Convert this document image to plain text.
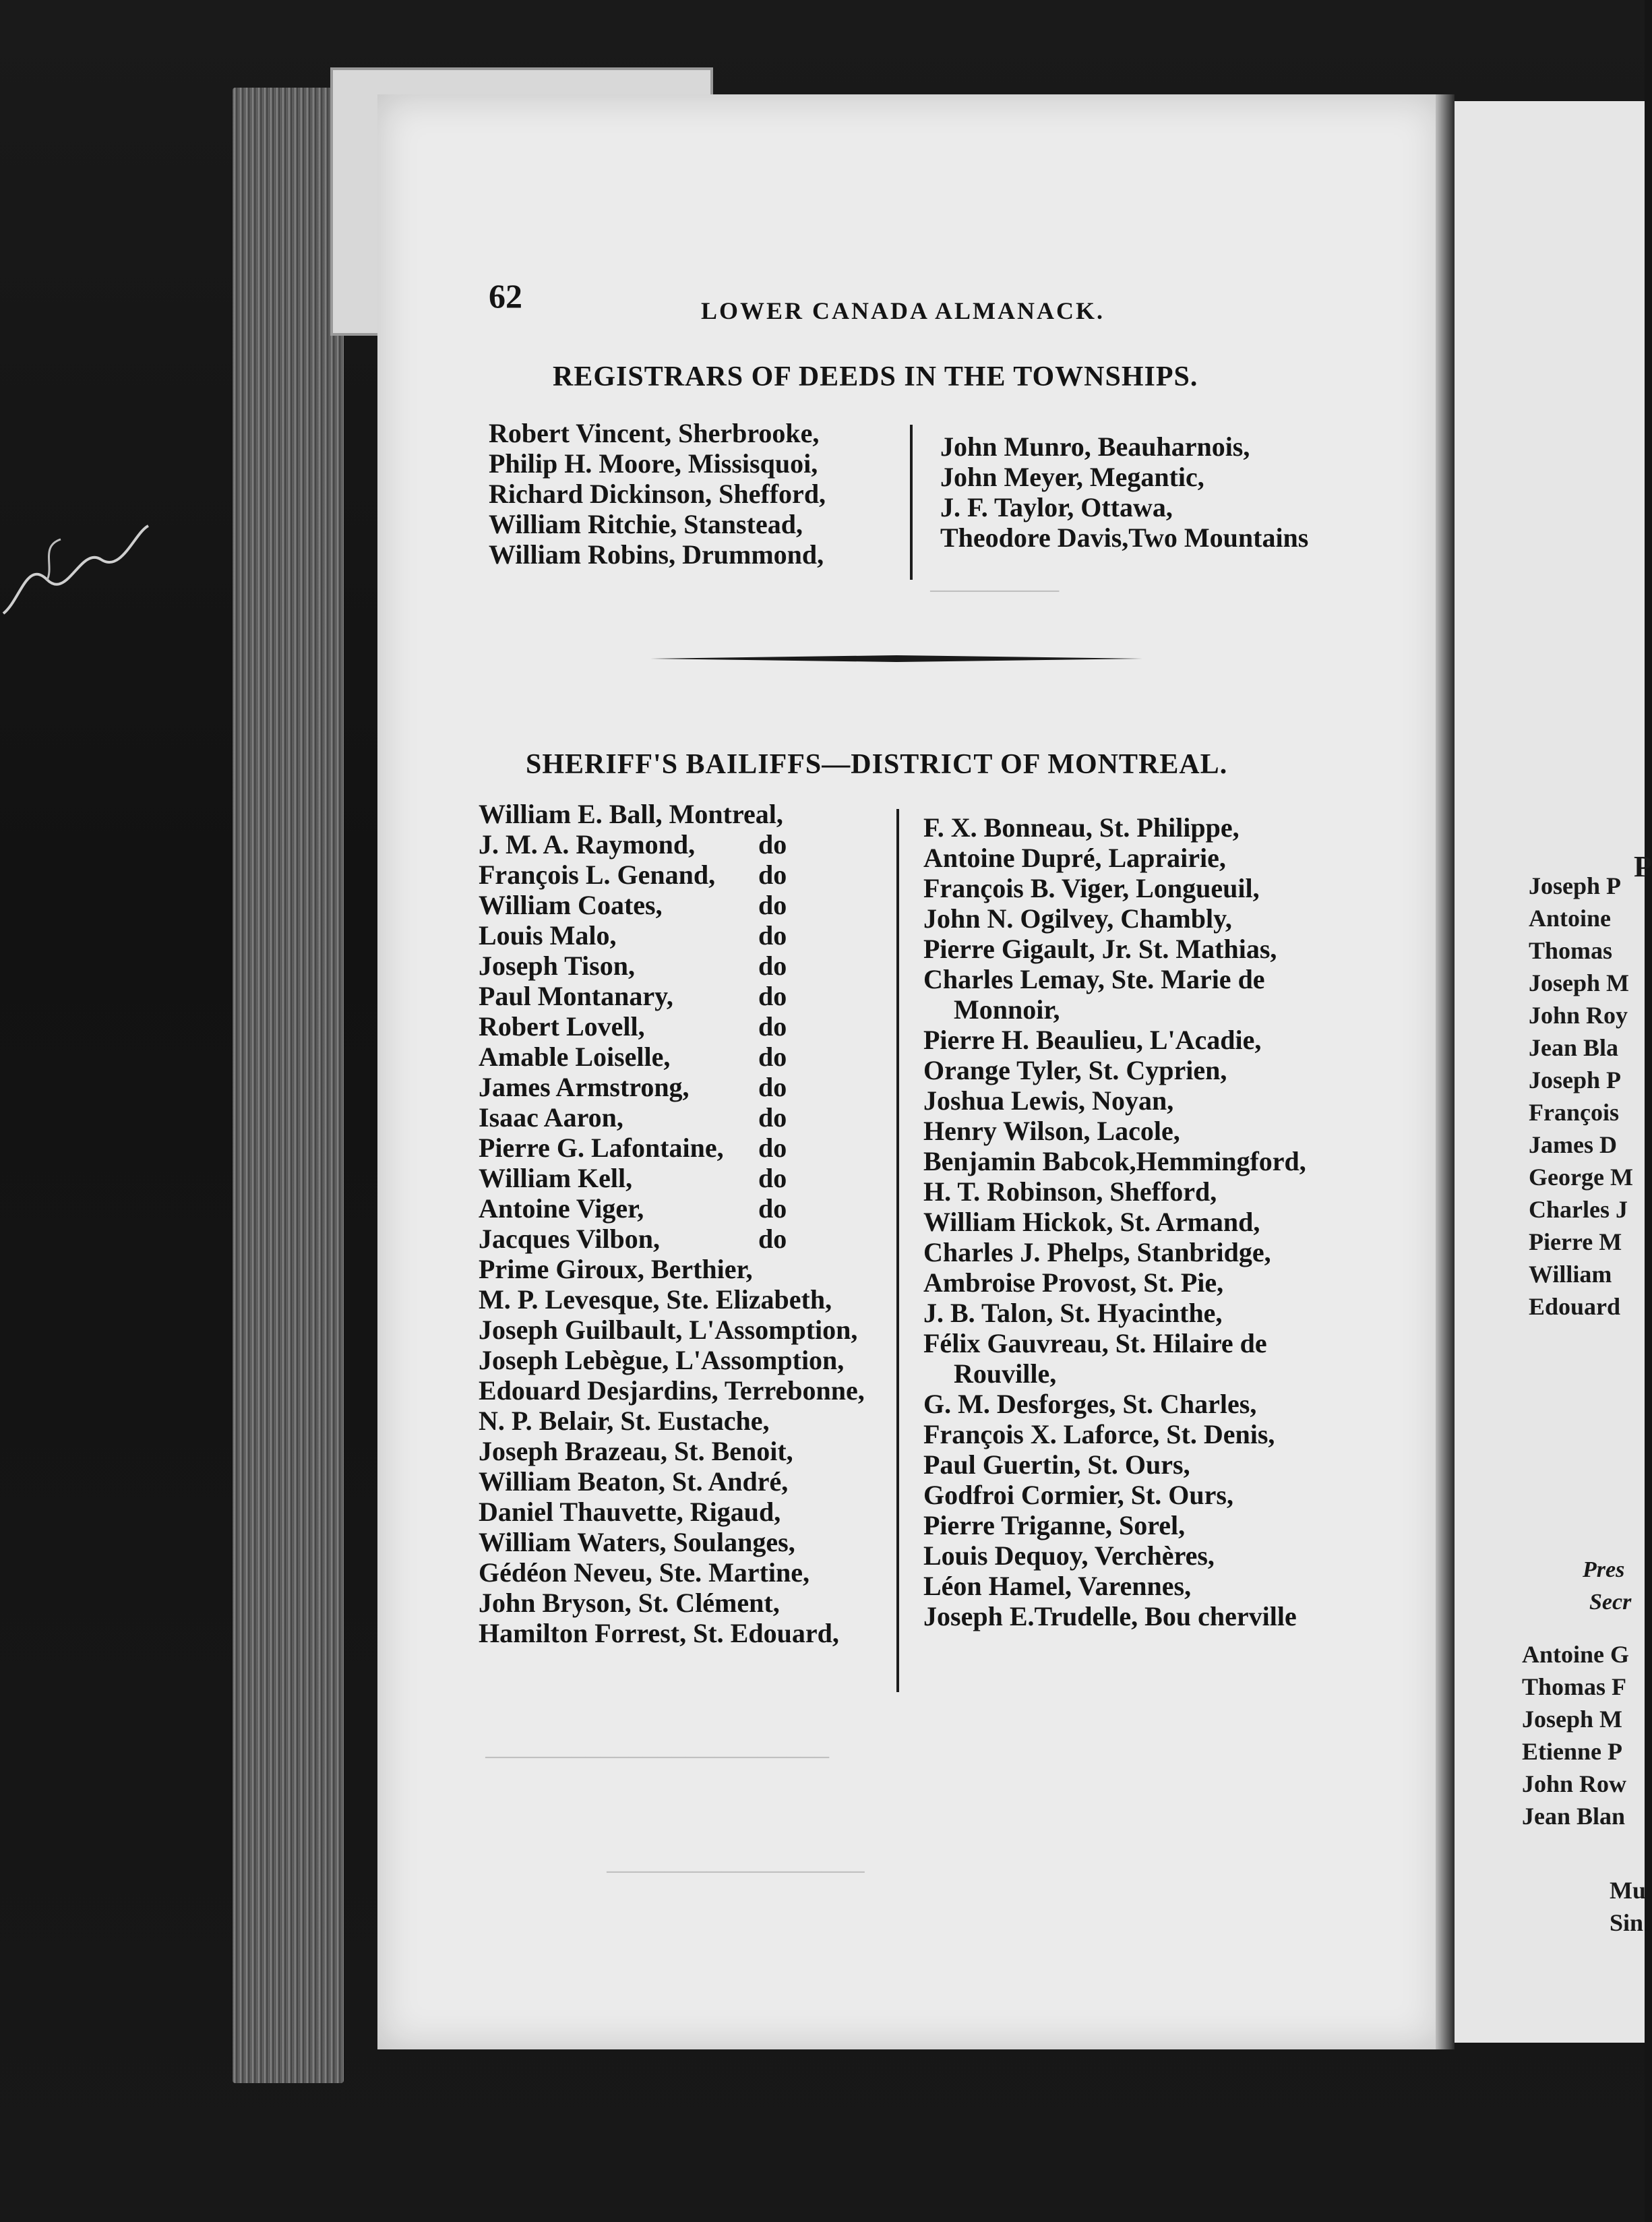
─────────
────────────────────────
──────────────────
62	LOWER CANADA ALMANACK.
REGISTRARS OF DEEDS IN THE TOWNSHIPS.
Robert Vincent, Sherbrooke,
Philip H. Moore, Missisquoi,
Richard Dickinson, Shefford,
William Ritchie, Stanstead,
William Robins, Drummond,
John Munro, Beauharnois,
John Meyer, Megantic,
J. F. Taylor, Ottawa,
Theodore Davis,Two Mountains
SHERIFF'S BAILIFFS—DISTRICT OF MONTREAL.
William E. Ball, Montreal,
J. M. A. Raymond,
François L. Genand,
William Coates,
Louis Malo,
Joseph Tison,
Paul Montanary,
Robert Lovell,
Amable Loiselle,
James Armstrong,
Isaac Aaron,
Pierre G. Lafontaine,
William Kell,
Antoine Viger,
Jacques Vilbon,
Prime Giroux, Berthier,
M. P. Levesque, Ste. Elizabeth,
Joseph Guilbault, L'Assomption,
Joseph Lebègue, L'Assomption,
Edouard Desjardins, Terrebonne,
N. P. Belair, St. Eustache,
Joseph Brazeau, St. Benoit,
William Beaton, St. André,
Daniel Thauvette, Rigaud,
William Waters, Soulanges,
Gédéon Neveu, Ste. Martine,
John Bryson, St. Clément,
Hamilton Forrest, St. Edouard,
do
do
do
do
do
do
do
do
do
do
do
do
do
do
F. X. Bonneau, St. Philippe,
Antoine Dupré, Laprairie,
François B. Viger, Longueuil,
John N. Ogilvey, Chambly,
Pierre Gigault, Jr. St. Mathias,
Charles Lemay, Ste. Marie de
Monnoir,
Pierre H. Beaulieu, L'Acadie,
Orange Tyler, St. Cyprien,
Joshua Lewis, Noyan,
Henry Wilson, Lacole,
Benjamin Babcok,Hemmingford,
H. T. Robinson, Shefford,
William Hickok, St. Armand,
Charles J. Phelps, Stanbridge,
Ambroise Provost, St. Pie,
J. B. Talon, St. Hyacinthe,
Félix Gauvreau, St. Hilaire de
Rouville,
G. M. Desforges, St. Charles,
François X. Laforce, St. Denis,
Paul Guertin, St. Ours,
Godfroi Cormier, St. Ours,
Pierre Triganne, Sorel,
Louis Dequoy, Verchères,
Léon Hamel, Varennes,
Joseph E.Trudelle, Bou cherville
P
Joseph P
Antoine
Thomas
Joseph M
John Roy
Jean Bla
Joseph P
François
James D
George M
Charles J
Pierre M
William
Edouard
Pres
Secr
Antoine G
Thomas F
Joseph M
Etienne P
John Row
Jean Blan
Mu
Sin
